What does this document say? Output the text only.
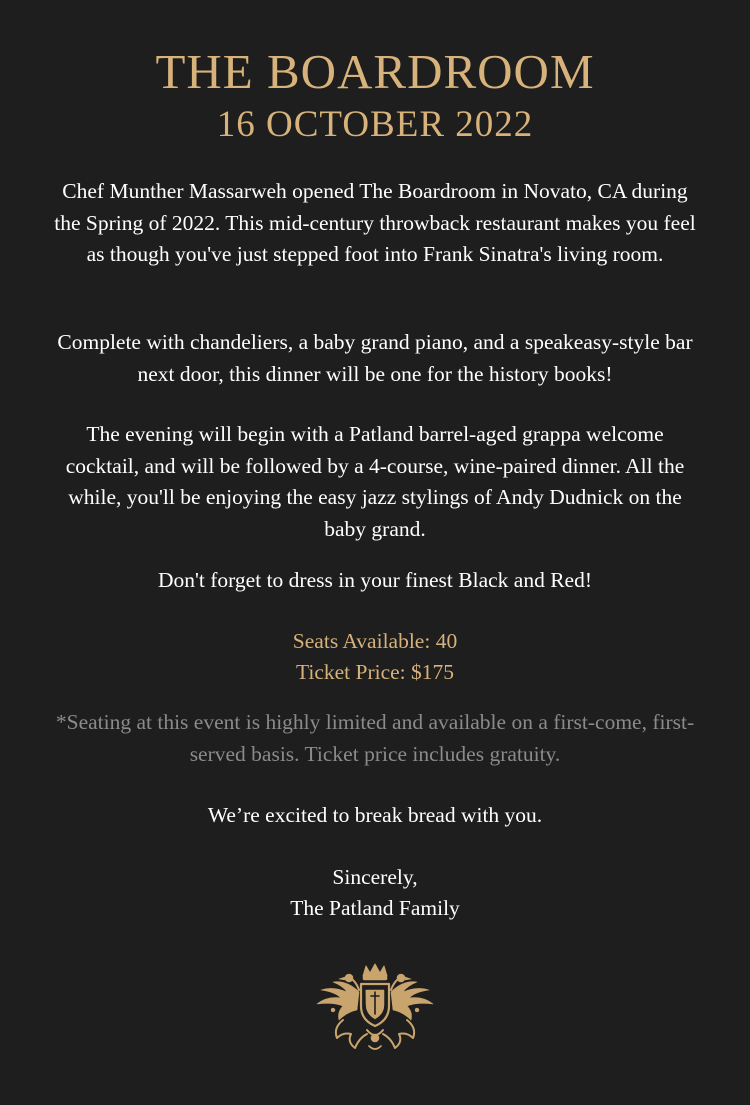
THE BOARDROOM
16 OCTOBER 2022

Chef Munther Massarweh opened The Boardroom in Novato, CA during the Spring of 2022. This mid-century throwback restaurant makes you feel as though you've just stepped foot into Frank Sinatra's living room.

Complete with chandeliers, a baby grand piano, and a speakeasy-style bar next door, this dinner will be one for the history books!

The evening will begin with a Patland barrel-aged grappa welcome cocktail, and will be followed by a 4-course, wine-paired dinner. All the while, you'll be enjoying the easy jazz stylings of Andy Dudnick on the baby grand.

Don't forget to dress in your finest Black and Red!

Seats Available: 40

Ticket Price: $175

*Seating at this event is highly limited and available on a first-come, first-served basis. Ticket price includes gratuity.

We’re excited to break bread with you.

Sincerely,

The Patland Family
